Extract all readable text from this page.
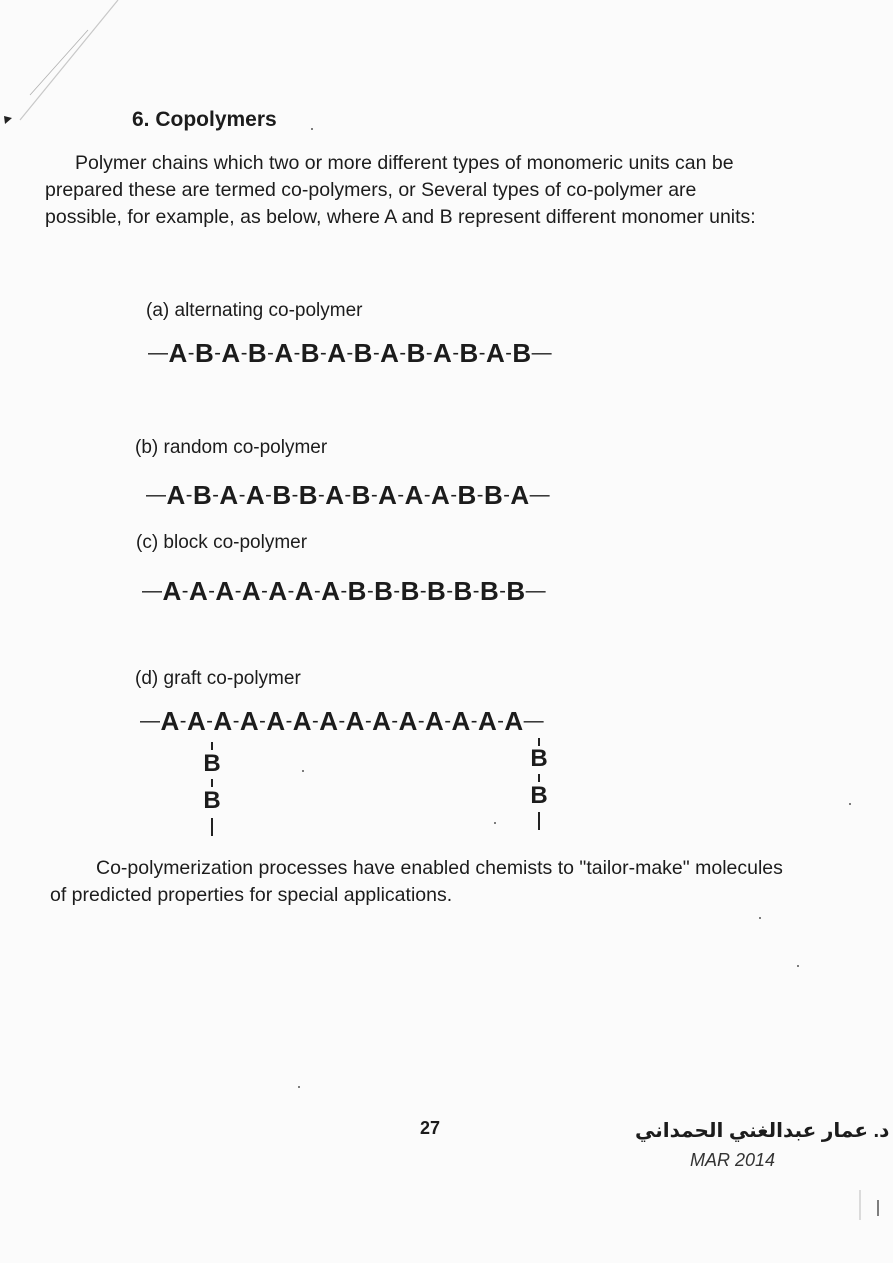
6. Copolymers
Polymer chains which two or more different types of monomeric units can be
prepared these are termed co-polymers, or Several types of co-polymer are
possible, for example, as below, where A and B represent different monomer units:
(a) alternating co-polymer
—A-B-A-B-A-B-A-B-A-B-A-B-A-B—
(b) random co-polymer
—A-B-A-A-B-B-A-B-A-A-A-B-B-A—
(c) block co-polymer
—A-A-A-A-A-A-A-B-B-B-B-B-B-B—
(d) graft co-polymer
—A-A-A-A-A-A-A-A-A-A-A-A-A-A—
B
B
B
B
Co-polymerization processes have enabled chemists to "tailor-make" molecules
of predicted properties for special applications.
27	د. عمار عبدالغني الحمداني
MAR 2014
